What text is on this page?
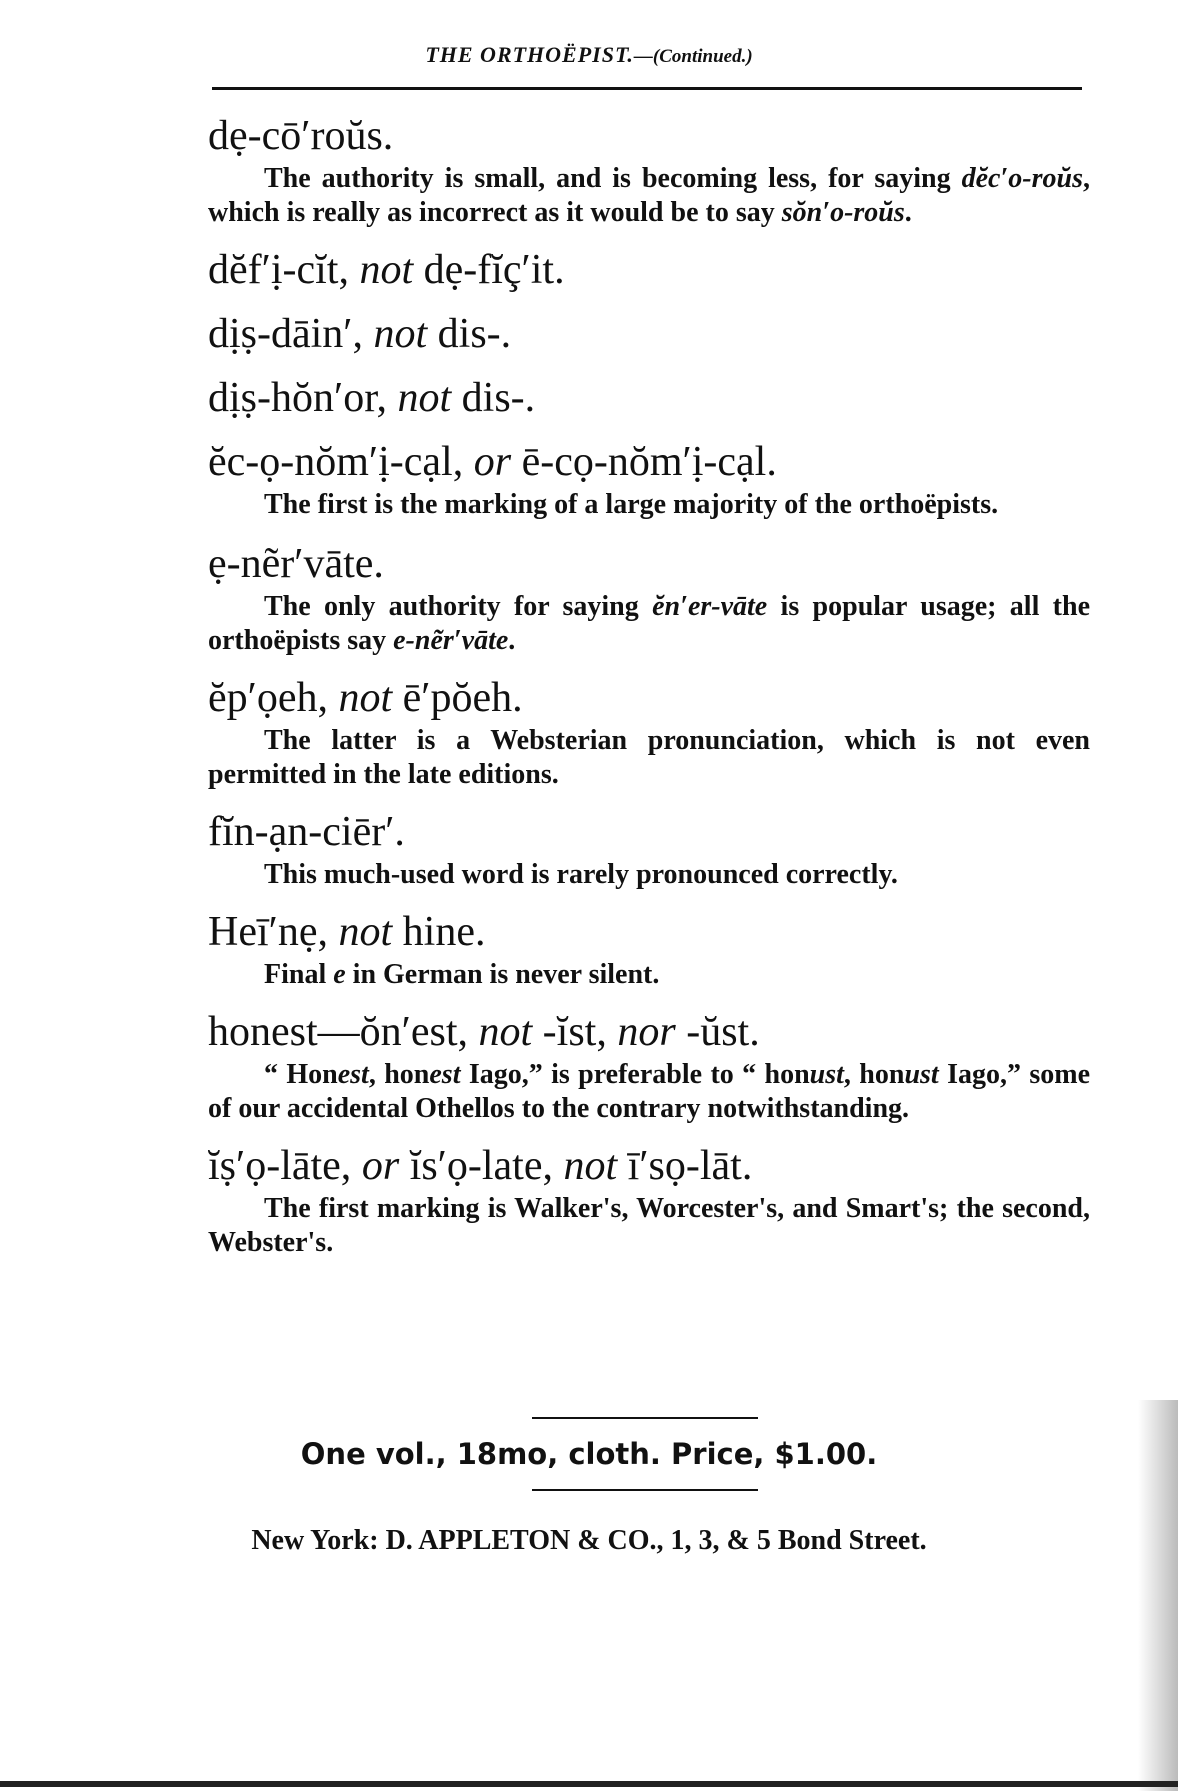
THE ORTHOËPIST.—(Continued.)

dẹ-cō′roŭs.

The authority is small, and is becoming less, for saying dĕc′o-roŭs, which is really as incorrect as it would be to say sŏn′o-roŭs.

dĕf′ị-cĭt, not dẹ-fĭç′it.

dịṣ-dāin′, not dis-.

dịṣ-hŏn′or, not dis-.

ĕc-ọ-nŏm′ị-cạl, or ē-cọ-nŏm′ị-cạl.

The first is the marking of a large majority of the orthoëpists.

ẹ-nẽr′vāte.

The only authority for saying ĕn′er-vāte is popular usage; all the orthoëpists say e-nẽr′vāte.

ĕp′ọeh, not ē′pŏeh.

The latter is a Websterian pronunciation, which is not even permitted in the late editions.

fĭn-ạn-ciēr′.

This much-used word is rarely pronounced correctly.

Heī′nẹ, not hine.

Final e in German is never silent.

honest—ŏn′est, not -ĭst, nor -ŭst.

“ Honest, honest Iago,” is preferable to “ honust, honust Iago,” some of our accidental Othellos to the contrary notwithstanding.

ĭṣ′ọ-lāte, or ĭs′ọ-late, not ī′sọ-lāt.

The first marking is Walker's, Worcester's, and Smart's; the second, Webster's.

One vol., 18mo, cloth. Price, $1.00.
New York: D. APPLETON & CO., 1, 3, & 5 Bond Street.
